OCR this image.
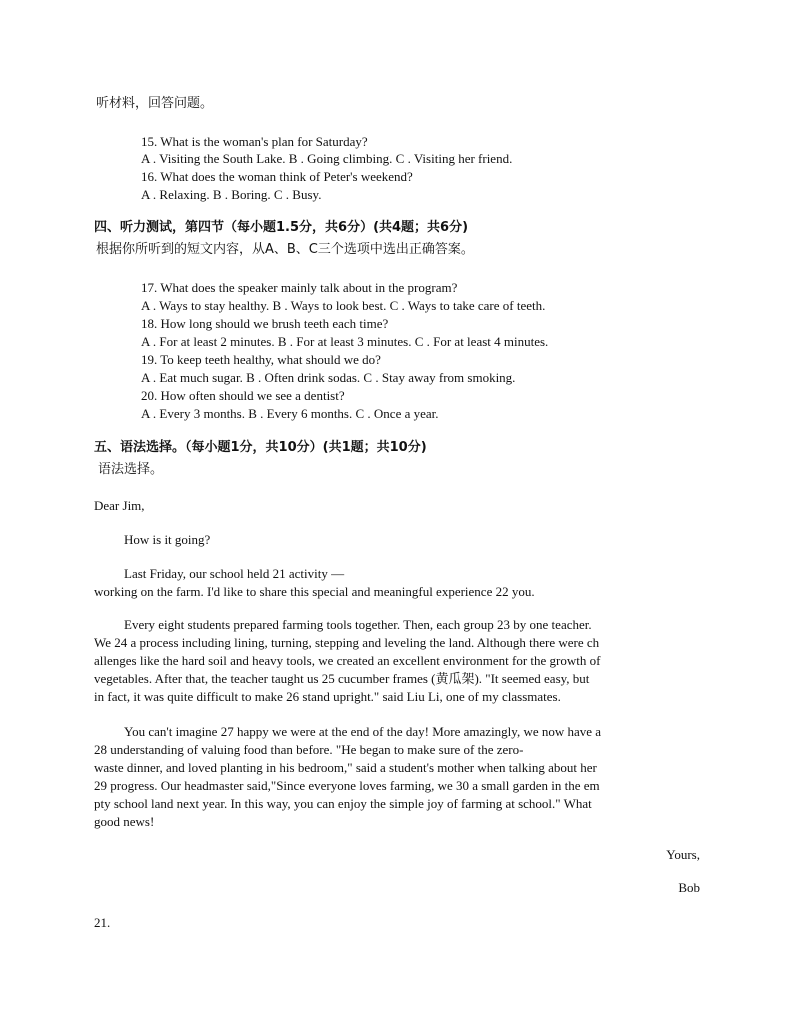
听材料，回答问题。
15. What is the woman's plan for Saturday?
A . Visiting the South Lake. B . Going climbing. C . Visiting her friend.
16. What does the woman think of Peter's weekend?
A . Relaxing. B . Boring. C . Busy.
四、听力测试，第四节（每小题1.5分，共6分）(共4题；共6分)
根据你所听到的短文内容，从A、B、C三个选项中选出正确答案。
17. What does the speaker mainly talk about in the program?
A . Ways to stay healthy. B . Ways to look best. C . Ways to take care of teeth.
18. How long should we brush teeth each time?
A . For at least 2 minutes. B . For at least 3 minutes. C . For at least 4 minutes.
19. To keep teeth healthy, what should we do?
A . Eat much sugar. B . Often drink sodas. C . Stay away from smoking.
20. How often should we see a dentist?
A . Every 3 months. B . Every 6 months. C . Once a year.
五、语法选择。（每小题1分，共10分）(共1题；共10分)
语法选择。
Dear Jim,
How is it going?
Last Friday, our school held 21 activity —
working on the farm. I'd like to share this special and meaningful experience 22 you.
Every eight students prepared farming tools together. Then, each group 23 by one teacher.
We 24 a process including lining, turning, stepping and leveling the land. Although there were ch
allenges like the hard soil and heavy tools, we created an excellent environment for the growth of
vegetables. After that, the teacher taught us 25 cucumber frames (黄瓜架). "It seemed easy, but
in fact, it was quite difficult to make 26 stand upright." said Liu Li, one of my classmates.
You can't imagine 27 happy we were at the end of the day! More amazingly, we now have a
28 understanding of valuing food than before. "He began to make sure of the zero-
waste dinner, and loved planting in his bedroom," said a student's mother when talking about her
29 progress. Our headmaster said,"Since everyone loves farming, we 30 a small garden in the em
pty school land next year. In this way, you can enjoy the simple joy of farming at school." What
good news!
Yours,
Bob
21.
